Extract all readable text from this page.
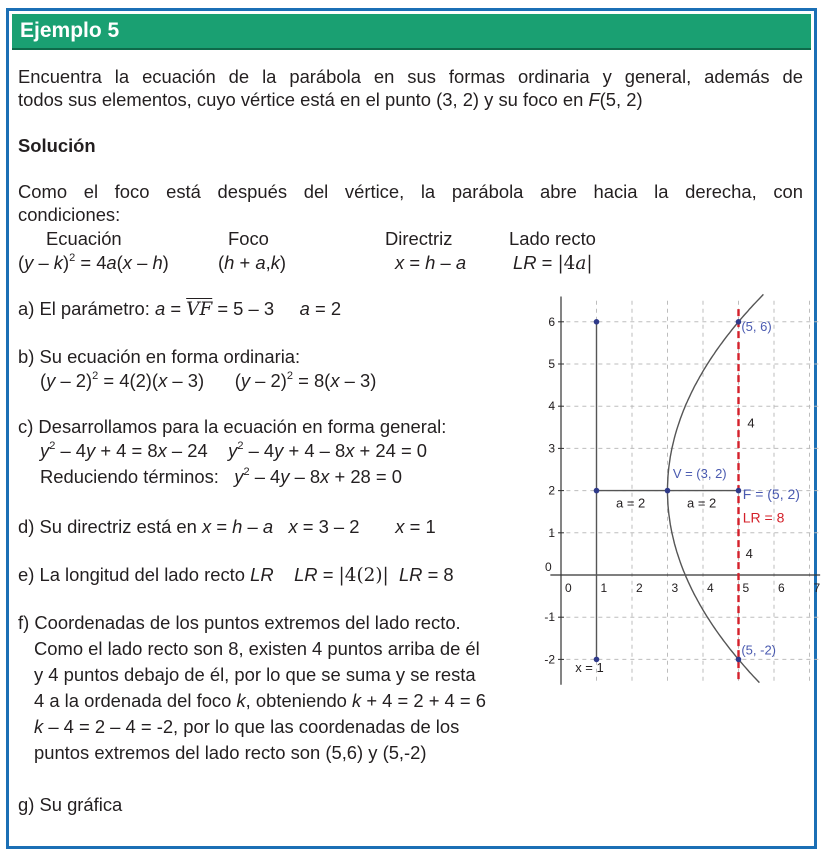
Ejemplo 5
Encuentra la ecuación de la parábola en sus formas ordinaria y general, además de
todos sus elementos, cuyo vértice está en el punto (3, 2) y su foco en F(5, 2)
Solución
Como el foco está después del vértice, la parábola abre hacia la derecha, con
condiciones:
Ecuación	Foco	Directriz	Lado recto
(y – k)$^2$ = 4a(x – h)	(h + a,k)	x = h – a	LR = |4a|
a) El parámetro: $a = \overline{VF} = 5 - 3$     a = 2
b) Su ecuación en forma ordinaria:
(y – 2)$^2$ = 4(2)(x – 3)      (y – 2)$^2$ = 8(x – 3)
c) Desarrollamos para la ecuación en forma general:
$y^2 - 4y + 4 = 8x - 24$    $y^2 - 4y + 4 - 8x + 24 = 0$
Reduciendo términos: $y^2 - 4y - 8x + 28 = 0$
d) Su directriz está en x = h – a x = 3 – 2       x = 1
e) La longitud del lado recto LR LR = |4(2)| LR = 8
f) Coordenadas de los puntos extremos del lado recto.
Como el lado recto son 8, existen 4 puntos arriba de él
y 4 puntos debajo de él, por lo que se suma y se resta
4 a la ordenada del foco k, obteniendo k + 4 = 2 + 4 = 6
k – 4 = 2 – 4 = -2, por lo que las coordenadas de los
puntos extremos del lado recto son (5,6) y (5,-2)
g) Su gráfica
0 1 2 3 4 5 6 7
-2
-1
0
1
2
3
4
5
6	(5, 6)
(5, -2)
V = (3, 2)
F = (5, 2)
a = 2	a = 2
LR = 8
4
4
x = 1
